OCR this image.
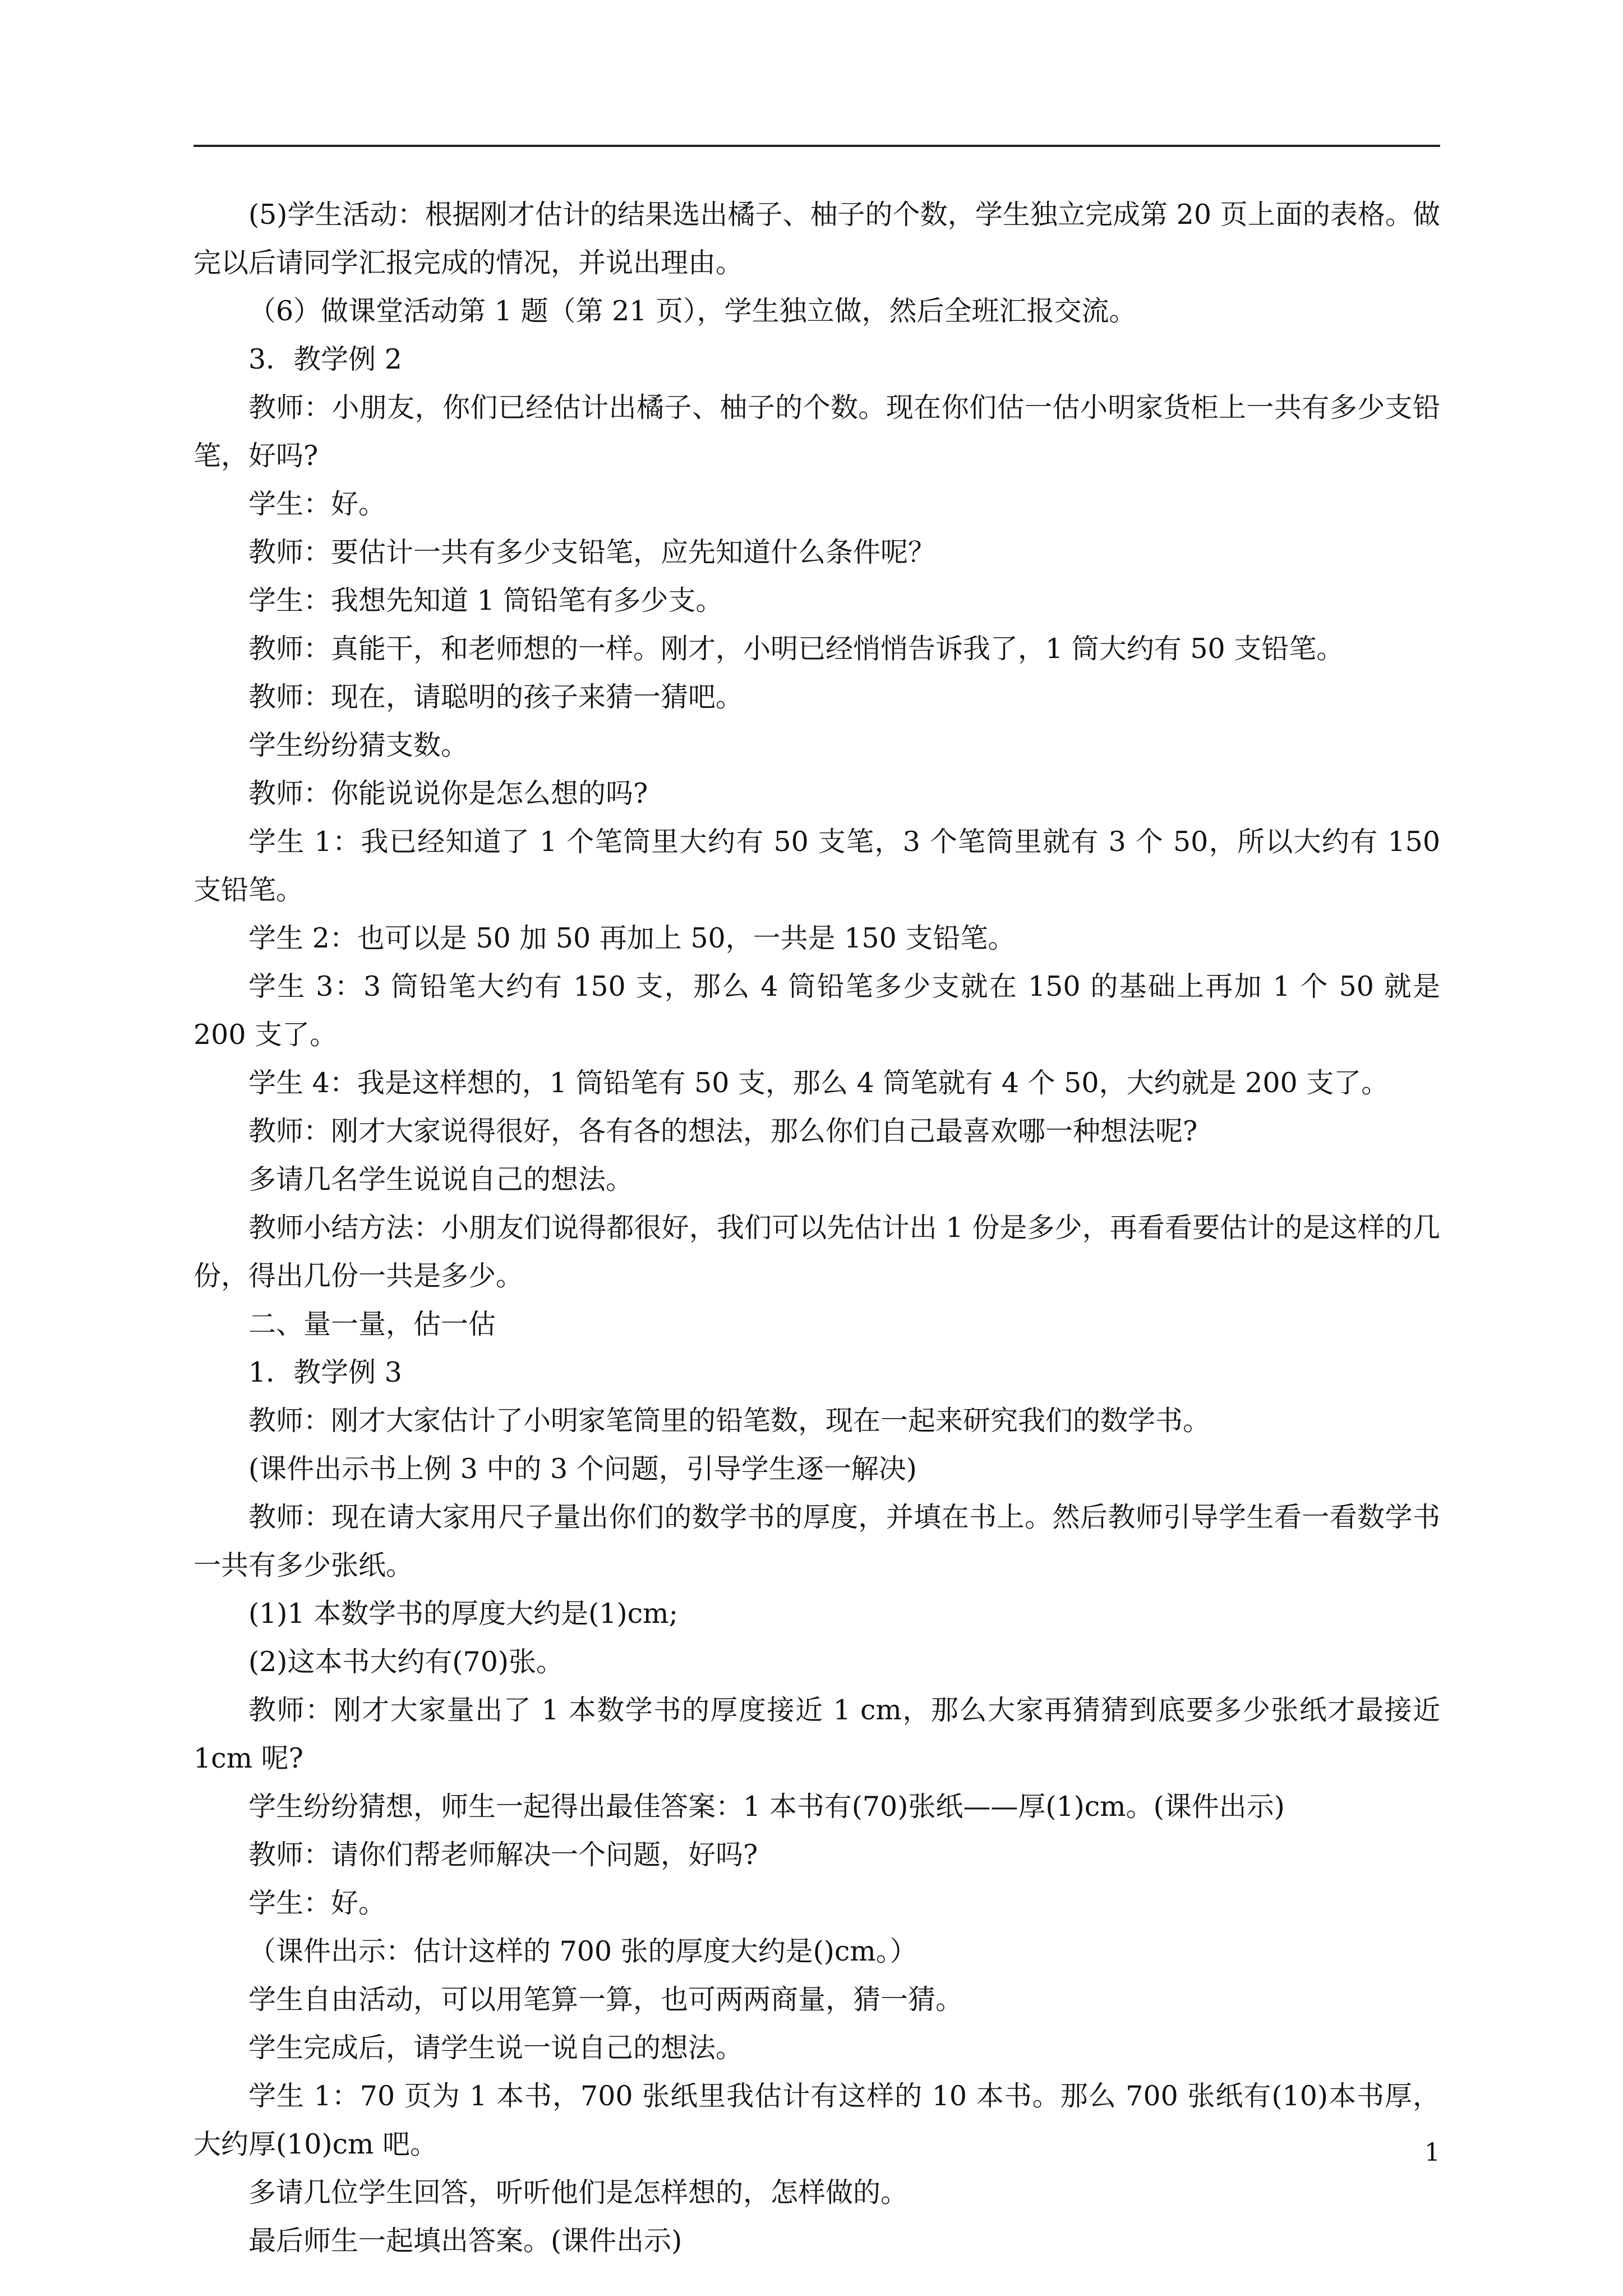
(5)学生活动：根据刚才估计的结果选出橘子、柚子的个数，学生独立完成第 20 页上面的表格。做完以后请同学汇报完成的情况，并说出理由。

（6）做课堂活动第 1 题（第 21 页），学生独立做，然后全班汇报交流。

3．教学例 2

教师：小朋友，你们已经估计出橘子、柚子的个数。现在你们估一估小明家货柜上一共有多少支铅笔，好吗?

学生：好。

教师：要估计一共有多少支铅笔，应先知道什么条件呢？

学生：我想先知道 1 筒铅笔有多少支。

教师：真能干，和老师想的一样。刚才，小明已经悄悄告诉我了，1 筒大约有 50 支铅笔。

教师：现在，请聪明的孩子来猜一猜吧。

学生纷纷猜支数。

教师：你能说说你是怎么想的吗?

学生 1：我已经知道了 1 个笔筒里大约有 50 支笔，3 个笔筒里就有 3 个 50，所以大约有 150 支铅笔。

学生 2：也可以是 50 加 50 再加上 50，一共是 150 支铅笔。

学生 3：3 筒铅笔大约有 150 支，那么 4 筒铅笔多少支就在 150 的基础上再加 1 个 50 就是 200 支了。

学生 4：我是这样想的，1 筒铅笔有 50 支，那么 4 筒笔就有 4 个 50，大约就是 200 支了。

教师：刚才大家说得很好，各有各的想法，那么你们自己最喜欢哪一种想法呢?

多请几名学生说说自己的想法。

教师小结方法：小朋友们说得都很好，我们可以先估计出 1 份是多少，再看看要估计的是这样的几份，得出几份一共是多少。

二、量一量，估一估

1．教学例 3

教师：刚才大家估计了小明家笔筒里的铅笔数，现在一起来研究我们的数学书。

(课件出示书上例 3 中的 3 个问题，引导学生逐一解决)

教师：现在请大家用尺子量出你们的数学书的厚度，并填在书上。然后教师引导学生看一看数学书一共有多少张纸。

(1)1 本数学书的厚度大约是(1)cm;

(2)这本书大约有(70)张。

教师：刚才大家量出了 1 本数学书的厚度接近 1 cm，那么大家再猜猜到底要多少张纸才最接近 1cm 呢?

学生纷纷猜想，师生一起得出最佳答案：1 本书有(70)张纸——厚(1)cm。(课件出示)

教师：请你们帮老师解决一个问题，好吗?

学生：好。

（课件出示：估计这样的 700 张的厚度大约是()cm。）

学生自由活动，可以用笔算一算，也可两两商量，猜一猜。

学生完成后，请学生说一说自己的想法。

学生 1：70 页为 1 本书，700 张纸里我估计有这样的 10 本书。那么 700 张纸有(10)本书厚，大约厚(10)cm 吧。

多请几位学生回答，听听他们是怎样想的，怎样做的。

最后师生一起填出答案。(课件出示)

1
